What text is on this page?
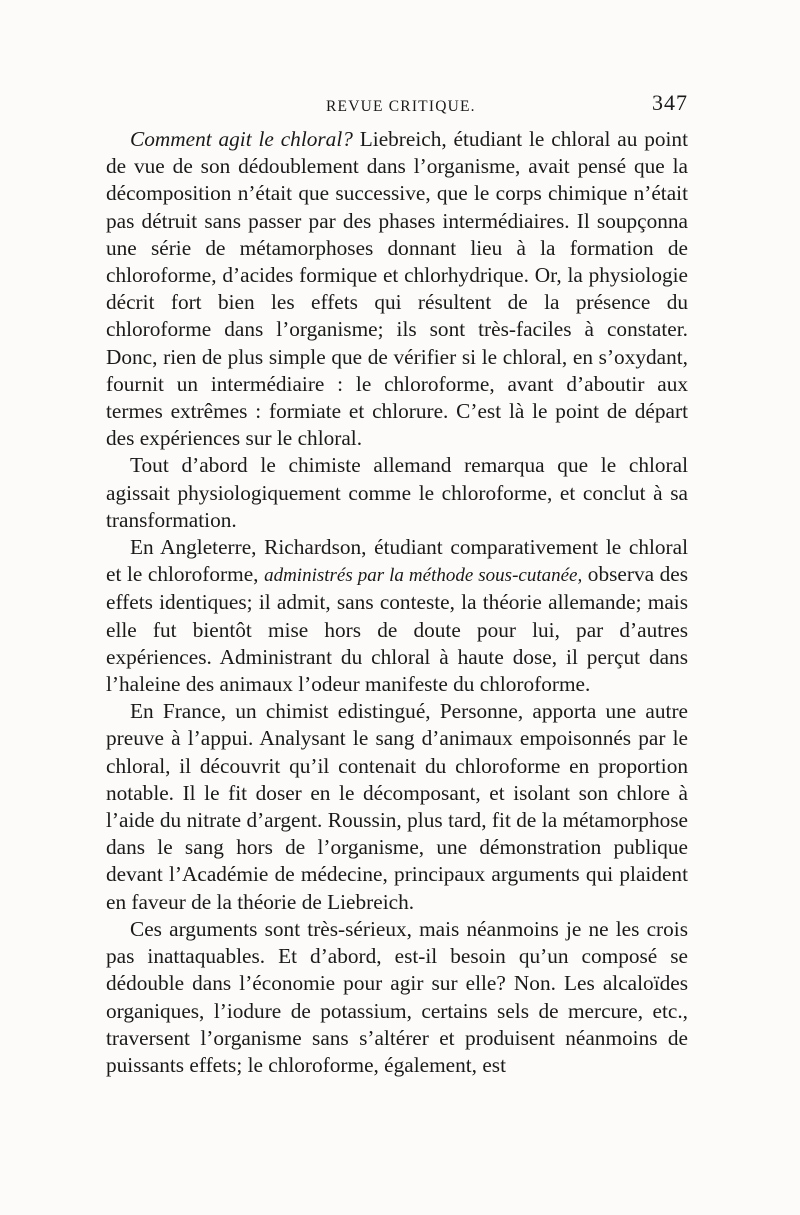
REVUE CRITIQUE.	347

Comment agit le chloral? Liebreich, étudiant le chloral au point de vue de son dédoublement dans l’organisme, avait pensé que la décomposition n’était que successive, que le corps chimique n’était pas détruit sans passer par des phases intermédiaires. Il soupçonna une série de métamorphoses donnant lieu à la formation de chloroforme, d’acides formique et chlorhydrique. Or, la physiologie décrit fort bien les effets qui résultent de la présence du chloroforme dans l’organisme; ils sont très-faciles à constater. Donc, rien de plus simple que de vérifier si le chloral, en s’oxydant, fournit un intermédiaire : le chloroforme, avant d’aboutir aux termes extrêmes : formiate et chlorure. C’est là le point de départ des expériences sur le chloral.

Tout d’abord le chimiste allemand remarqua que le chloral agissait physiologiquement comme le chloroforme, et conclut à sa transformation.

En Angleterre, Richardson, étudiant comparativement le chloral et le chloroforme, administrés par la méthode sous-cutanée, observa des effets identiques; il admit, sans conteste, la théorie allemande; mais elle fut bientôt mise hors de doute pour lui, par d’autres expériences. Administrant du chloral à haute dose, il perçut dans l’haleine des animaux l’odeur manifeste du chloroforme.

En France, un chimist edistingué, Personne, apporta une autre preuve à l’appui. Analysant le sang d’animaux empoisonnés par le chloral, il découvrit qu’il contenait du chloroforme en proportion notable. Il le fit doser en le décomposant, et isolant son chlore à l’aide du nitrate d’argent. Roussin, plus tard, fit de la métamorphose dans le sang hors de l’organisme, une démonstration publique devant l’Académie de médecine, principaux arguments qui plaident en faveur de la théorie de Liebreich.

Ces arguments sont très-sérieux, mais néanmoins je ne les crois pas inattaquables. Et d’abord, est-il besoin qu’un composé se dédouble dans l’économie pour agir sur elle? Non. Les alcaloïdes organiques, l’iodure de potassium, certains sels de mercure, etc., traversent l’organisme sans s’altérer et produisent néanmoins de puissants effets; le chloroforme, également, est
